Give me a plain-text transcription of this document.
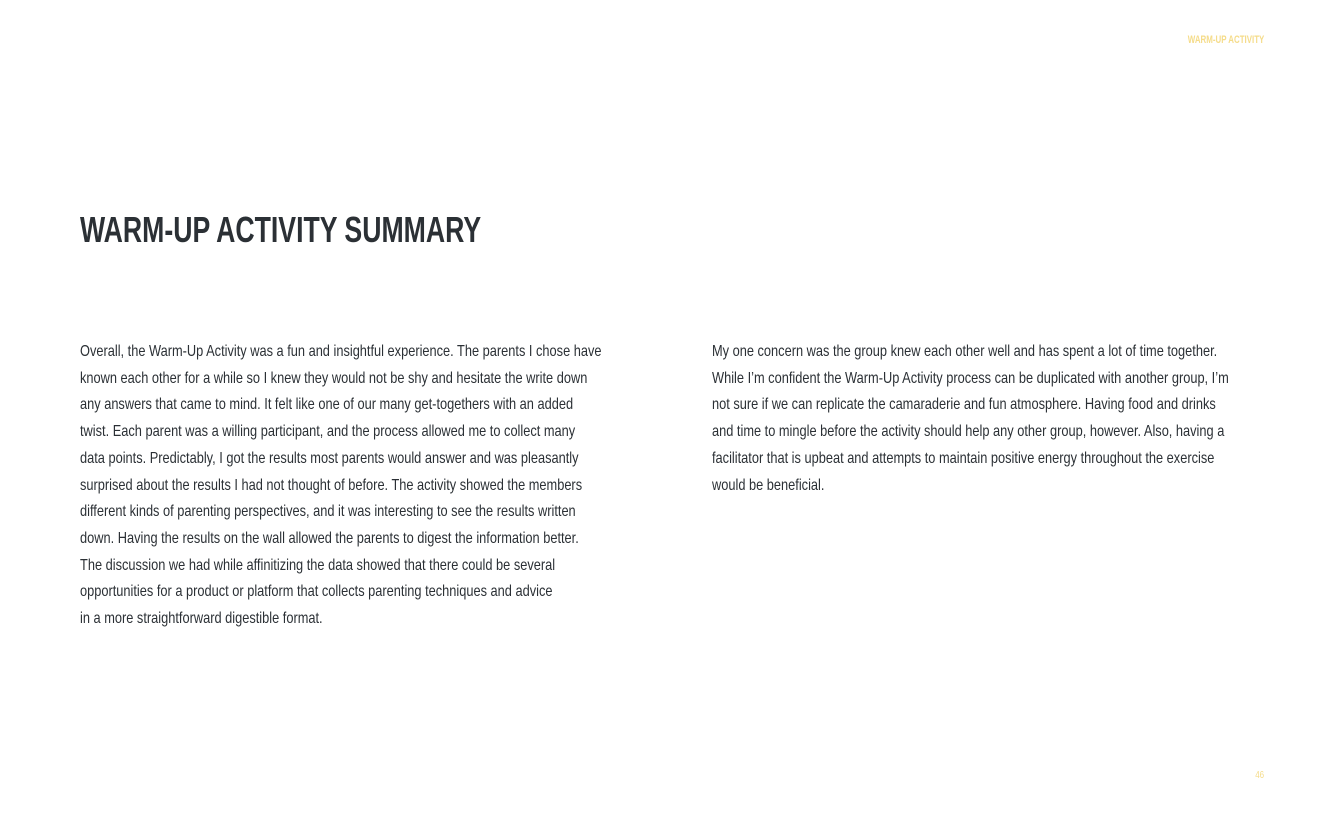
WARM-UP ACTIVITY
WARM-UP ACTIVITY SUMMARY
Overall, the Warm-Up Activity was a fun and insightful experience. The parents I chose have
known each other for a while so I knew they would not be shy and hesitate the write down
any answers that came to mind. It felt like one of our many get-togethers with an added
twist. Each parent was a willing participant, and the process allowed me to collect many
data points. Predictably, I got the results most parents would answer and was pleasantly
surprised about the results I had not thought of before. The activity showed the members
different kinds of parenting perspectives, and it was interesting to see the results written
down. Having the results on the wall allowed the parents to digest the information better.
The discussion we had while affinitizing the data showed that there could be several
opportunities for a product or platform that collects parenting techniques and advice
in a more straightforward digestible format.
My one concern was the group knew each other well and has spent a lot of time together.
While I’m confident the Warm-Up Activity process can be duplicated with another group, I’m
not sure if we can replicate the camaraderie and fun atmosphere. Having food and drinks
and time to mingle before the activity should help any other group, however. Also, having a
facilitator that is upbeat and attempts to maintain positive energy throughout the exercise
would be beneficial.
46
